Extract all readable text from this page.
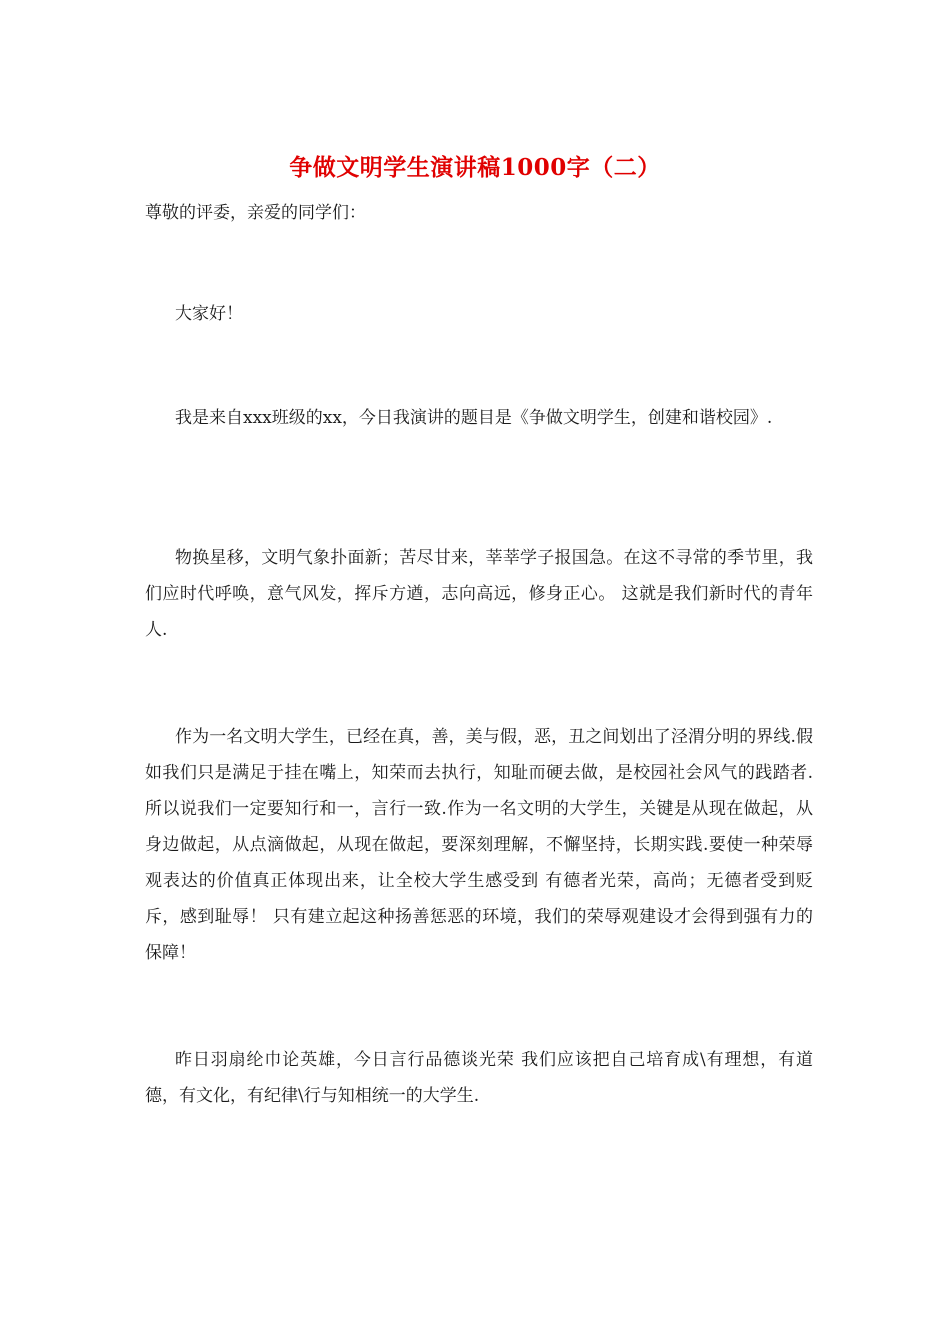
争做文明学生演讲稿1000字（二）

尊敬的评委，亲爱的同学们：

大家好！

我是来自xxx班级的xx，今日我演讲的题目是《争做文明学生，创建和谐校园》.

物换星移，文明气象扑面新；苦尽甘来，莘莘学子报国急。在这不寻常的季节里，我们应时代呼唤，意气风发，挥斥方遒，志向高远，修身正心。 这就是我们新时代的青年人.

作为一名文明大学生，已经在真，善，美与假，恶，丑之间划出了泾渭分明的界线.假如我们只是满足于挂在嘴上，知荣而去执行，知耻而硬去做，是校园社会风气的践踏者.所以说我们一定要知行和一，言行一致.作为一名文明的大学生，关键是从现在做起，从身边做起，从点滴做起，从现在做起，要深刻理解，不懈坚持，长期实践.要使一种荣辱观表达的价值真正体现出来，让全校大学生感受到 有德者光荣，高尚；无德者受到贬斥，感到耻辱！ 只有建立起这种扬善惩恶的环境，我们的荣辱观建设才会得到强有力的保障！

昨日羽扇纶巾论英雄，今日言行品德谈光荣 我们应该把自己培育成\有理想，有道德，有文化，有纪律\行与知相统一的大学生.
